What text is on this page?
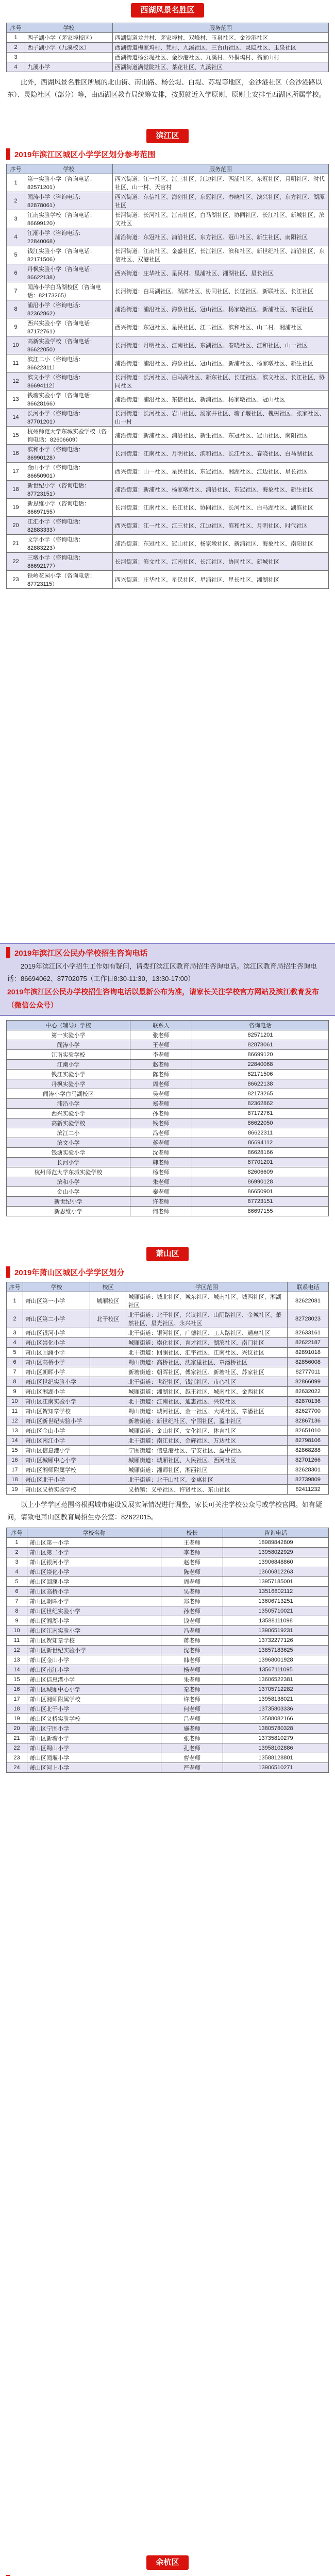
西湖风景名胜区
序号	学校	服务范围
1	西子湖小学（茅家埠校区）	西湖街道龙井村、茅家埠村、双峰村、玉泉社区、金沙港社区
2	西子湖小学（九溪校区）	西湖街道梅家坞村、梵村、九溪社区、三台山社区、灵隐社区、玉泉社区
3		西湖街道杨公堤社区、金沙港社区、九溪村、外桐坞村、翁家山村
4	九溪小学	西湖街道满觉陇社区、茶花社区、九溪社区
此外，西湖风景名胜区所属的北山街、南山路、杨公堤、白堤、苏堤等地区，金沙港社区（金沙港路以东）、灵隐社区（部分）等，由西湖区教育局统筹安排，按照就近入学原则，原则上安排至西湖区所属学校。
滨江区
2019年滨江区城区小学学区划分参考范围
序号	学校	服务范围
1	第一实验小学（咨询电话：82571201）	西兴街道：江一社区、江三社区、江边社区、西浦社区、东冠社区、月明社区、时代社区、山一村、天官村
2	闻涛小学（咨询电话：82878061）	西兴街道：东信社区、海创社区、东冠社区、春晓社区、滨兴社区、东方社区、湖潭社区
3	江南实验学校（咨询电话：86699120）	长河街道：长河社区、江南社区、白马湖社区、协同社区、长江社区、新城社区、滨文社区
4	江潮小学（咨询电话：22840068）	浦沿街道：东冠社区、浦沿社区、东方社区、冠山社区、新生社区、南阳社区
5	钱江实验小学（咨询电话：82171506）	长河街道：江南社区、金盛社区、长江社区、滨和社区、新世纪社区、浦沿社区、东信社区、双港社区
6	丹枫实验小学（咨询电话：86622138）	西兴街道：庄华社区、星民村、星浦社区、湘湖社区、星长社区
7	闻涛小学白马湖校区（咨询电话：82173265）	长河街道：白马湖社区、湖滨社区、协同社区、长征社区、新联社区、长江社区
8	浦沿小学（咨询电话：82362862）	浦沿街道：浦沿社区、海象社区、冠山社区、杨家墩社区、新浦社区、东冠社区
9	西兴实验小学（咨询电话：87172761）	西兴街道：东冠社区、星民社区、江二社区、滨和社区、山二村、湘浦社区
10	高新实验学校（咨询电话：86622050）	长河街道：月明社区、江南社区、东湖社区、春晓社区、江和社区、山一社区
11	滨江二小（咨询电话：86622311）	浦沿街道：浦沿社区、海象社区、冠山社区、新浦社区、杨家墩社区、新生社区
12	滨文小学（咨询电话：86694112）	长河街道：长河社区、白马湖社区、新东社区、长征社区、滨文社区、长江社区、协同社区
13	钱塘实验小学（咨询电话：86628166）	浦沿街道：浦沿社区、东信社区、新浦社区、杨家墩社区、冠山社区
14	长河小学（咨询电话：87701201）	长河街道：长河社区、岩山社区、汤家井社区、塘子堰社区、槐树社区、张家社区、山一村
15	杭州师范大学东城实验学校（咨询电话：82606609）	浦沿街道：新浦社区、浦沿社区、新生社区、东冠社区、冠山社区、南阳社区
16	滨和小学（咨询电话：86990128）	长河街道：江南社区、月明社区、滨和社区、长江社区、春晓社区、白马湖社区
17	金山小学（咨询电话：86650901）	西兴街道：山一社区、星民社区、东冠社区、湘湖社区、江边社区、星长社区
18	新世纪小学（咨询电话：87723151）	浦沿街道：新浦社区、杨家墩社区、浦沿社区、东冠社区、海象社区、新生社区
19	新思维小学（咨询电话：86697155）	长河街道：江南社区、长江社区、协同社区、长河社区、白马湖社区、湖滨社区
20	江汇小学（咨询电话：82883333）	西兴街道：江一社区、江三社区、江边社区、滨和社区、月明社区、时代社区
21	文学小学（咨询电话：82883223）	浦沿街道：东冠社区、冠山社区、杨家墩社区、新浦社区、海象社区、南阳社区
22	三墩小学（咨询电话：86692177）	长河街道：滨文社区、江南社区、长江社区、协同社区、新城社区
23	铁岭花园小学（咨询电话：87723115）	西兴街道：庄华社区、星民社区、星浦社区、星长社区、湘湖社区
2019年滨江区公民办学校招生咨询电话
2019年滨江区小学招生工作如有疑问，请拨打滨江区教育局招生咨询电话。滨江区教育局招生咨询电话：86694062、87702075（工作日8:30-11:30，13:30-17:00）
2019年滨江区公民办学校招生咨询电话以最新公布为准，请家长关注学校官方网站及滨江教育发布（微信公众号）
中心（辅导）学校	联系人	咨询电话
第一实验小学	张老师	82571201
闻涛小学	王老师	82878061
江南实验学校	李老师	86699120
江潮小学	赵老师	22840068
钱江实验小学	陈老师	82171506
丹枫实验小学	周老师	86622138
闻涛小学白马湖校区	吴老师	82173265
浦沿小学	郑老师	82362862
西兴实验小学	孙老师	87172761
高新实验学校	钱老师	86622050
滨江二小	冯老师	86622311
滨文小学	蒋老师	86694112
钱塘实验小学	沈老师	86628166
长河小学	韩老师	87701201
杭州师范大学东城实验学校	杨老师	82606609
滨和小学	朱老师	86990128
金山小学	秦老师	86650901
新世纪小学	许老师	87723151
新思维小学	何老师	86697155
萧山区
2019年萧山区城区小学学区划分
序号	学校	校区	学区范围	联系电话
1	萧山区第一小学	城厢校区	城厢街道：城北社区、城东社区、城南社区、城西社区、湘湖社区	82622081
2	萧山区第二小学	北干校区	北干街道：北干社区、兴议社区、山阴路社区、金城社区、萧然社区、星光社区、永兴社区	82728023
3	萧山区银河小学		北干街道：银河社区、广德社区、工人路社区、通惠社区	82633161
4	萧山区崇化小学		城厢街道：崇化社区、育才社区、湖滨社区、南门社区	82622187
5	萧山区回澜小学		北干街道：回澜社区、汇宇社区、江南社区、兴议社区	82891018
6	萧山区高桥小学		蜀山街道：高桥社区、沈家里社区、章潘桥社区	82856008
7	萧山区朝晖小学		新塘街道：朝晖社区、傅家社区、新塘社区、苏家社区	82777011
8	萧山区世纪实验小学		北干街道：世纪社区、钱江社区、市心社区	82866099
9	萧山区湘湖小学		城厢街道：湘湖社区、越王社区、城南社区、金西社区	82632022
10	萧山区江南实验小学		北干街道：江南社区、通惠社区、兴议社区	82870136
11	萧山区贺知章学校		蜀山街道：城河社区、金一社区、大成社区、章潘社区	82627700
12	萧山区新世纪实验小学		新塘街道：新世纪社区、宁围社区、盈丰社区	82867136
13	萧山区金山小学		城厢街道：金山社区、文化社区、体育社区	82651010
14	萧山区南江小学		北干街道：南江社区、金辉社区、万达社区	82798106
15	萧山区信息港小学		宁围街道：信息港社区、宁安社区、盈中社区	82868288
16	萧山区城厢中心小学		城厢街道：城厢社区、人民社区、西河社区	82701266
17	萧山区湘师附属学校		城厢街道：湘师社区、湘西社区	82628301
18	萧山区北干小学		北干街道：北干山社区、金惠社区	82739809
19	萧山区义桥实验学校		义桥镇：义桥社区、许贤社区、东山社区	82411232
以上小学学区范围将根据城市建设发展实际情况进行调整，家长可关注学校公众号或学校官网。如有疑问，请致电萧山区教育局招生办公室：82622015。
序号	学校名称	校长	咨询电话
1	萧山区第一小学	王老师	18989842809
2	萧山区第二小学	李老师	13958022929
3	萧山区银河小学	赵老师	13906848860
4	萧山区崇化小学	陈老师	13606812263
5	萧山区回澜小学	周老师	13957185001
6	萧山区高桥小学	吴老师	13516802112
7	萧山区朝晖小学	郑老师	13606713251
8	萧山区世纪实验小学	孙老师	13505710021
9	萧山区湘湖小学	钱老师	13588111098
10	萧山区江南实验小学	冯老师	13906519231
11	萧山区贺知章学校	蒋老师	13732277126
12	萧山区新世纪实验小学	沈老师	13857183625
13	萧山区金山小学	韩老师	13968001928
14	萧山区南江小学	杨老师	13567111095
15	萧山区信息港小学	朱老师	13606522381
16	萧山区城厢中心小学	秦老师	13705712282
17	萧山区湘师附属学校	许老师	13958138021
18	萧山区北干小学	何老师	13735803336
19	萧山区义桥实验学校	吕老师	13588082166
20	萧山区宁围小学	施老师	13805780328
21	萧山区新塘小学	张老师	13735810279
22	萧山区蜀山小学	孔老师	13958102886
23	萧山区闻堰小学	曹老师	13588128801
24	萧山区河上小学	严老师	13906510271
余杭区
